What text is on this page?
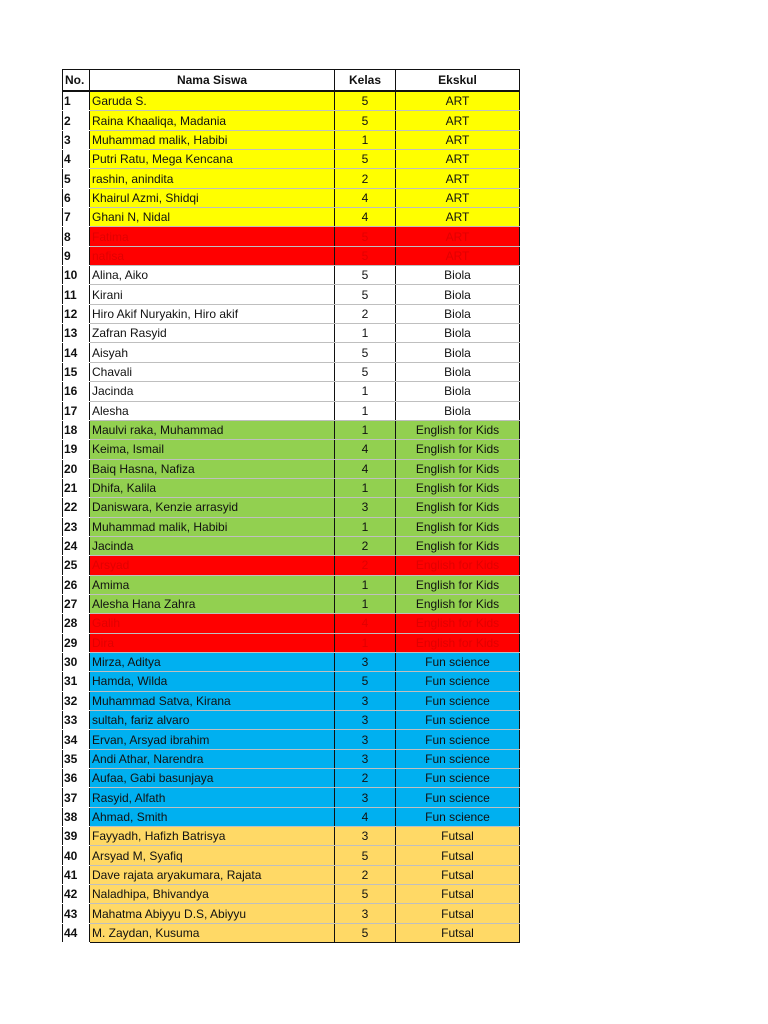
No.	Nama Siswa	Kelas	Ekskul
1	Garuda S.	5	ART
2	Raina Khaaliqa, Madania	5	ART
3	Muhammad malik, Habibi	1	ART
4	Putri Ratu, Mega Kencana	5	ART
5	rashin, anindita	2	ART
6	Khairul Azmi, Shidqi	4	ART
7	Ghani N, Nidal	4	ART
8	Fatima	5	ART
9	nafisa	5	ART
10	Alina, Aiko	5	Biola
11	Kirani	5	Biola
12	Hiro Akif Nuryakin, Hiro akif	2	Biola
13	Zafran Rasyid	1	Biola
14	Aisyah	5	Biola
15	Chavali	5	Biola
16	Jacinda	1	Biola
17	Alesha	1	Biola
18	Maulvi raka, Muhammad	1	English for Kids
19	Keima, Ismail	4	English for Kids
20	Baiq Hasna, Nafiza	4	English for Kids
21	Dhifa, Kalila	1	English for Kids
22	Daniswara, Kenzie arrasyid	3	English for Kids
23	Muhammad malik, Habibi	1	English for Kids
24	Jacinda	2	English for Kids
25	Arsyad	2	English for Kids
26	Amima	1	English for Kids
27	Alesha Hana Zahra	1	English for Kids
28	Galih	4	English for Kids
29	Dira	1	English for Kids
30	Mirza, Aditya	3	Fun science
31	Hamda, Wilda	5	Fun science
32	Muhammad Satva, Kirana	3	Fun science
33	sultah, fariz alvaro	3	Fun science
34	Ervan, Arsyad ibrahim	3	Fun science
35	Andi Athar, Narendra	3	Fun science
36	Aufaa, Gabi basunjaya	2	Fun science
37	Rasyid, Alfath	3	Fun science
38	Ahmad, Smith	4	Fun science
39	Fayyadh, Hafizh Batrisya	3	Futsal
40	Arsyad M, Syafiq	5	Futsal
41	Dave rajata aryakumara, Rajata	2	Futsal
42	Naladhipa, Bhivandya	5	Futsal
43	Mahatma Abiyyu D.S, Abiyyu	3	Futsal
44	M. Zaydan, Kusuma	5	Futsal
